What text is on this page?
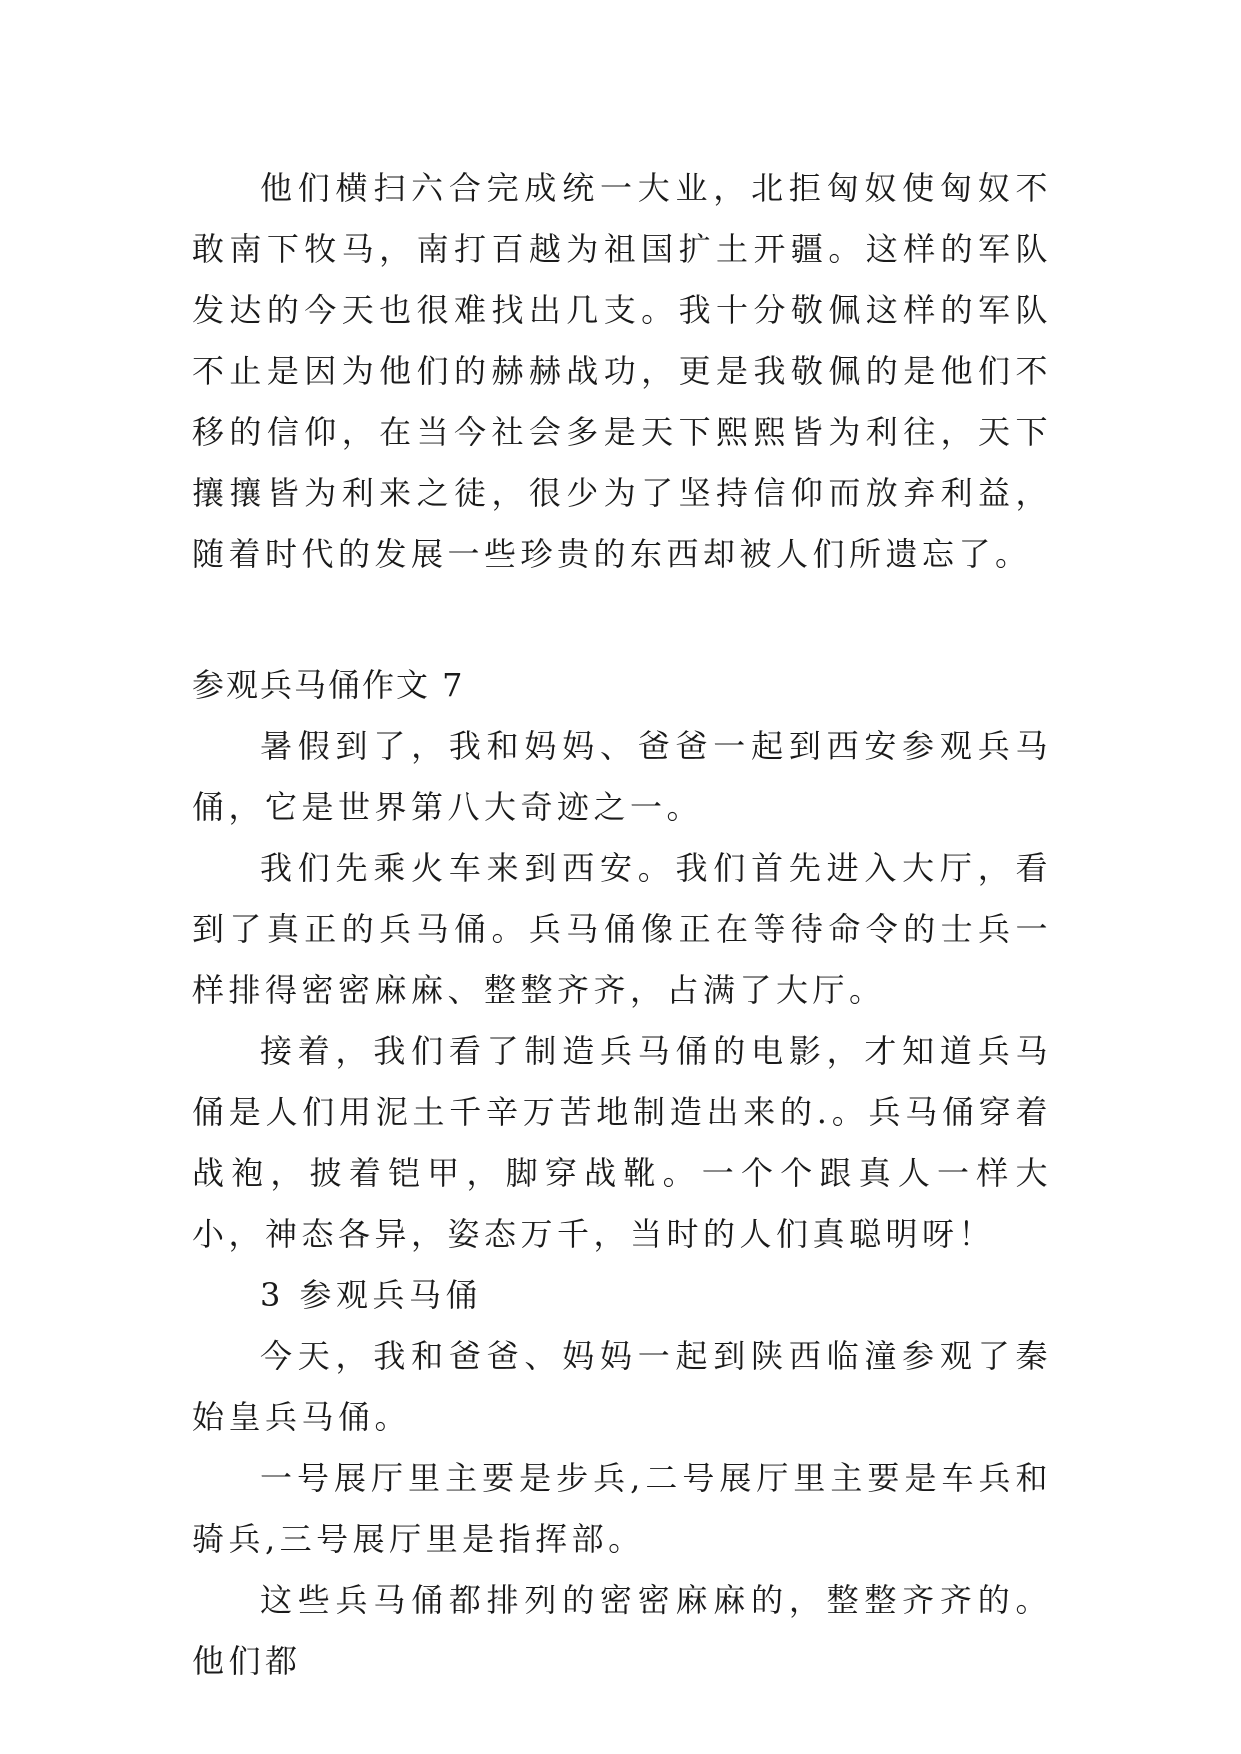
他们横扫六合完成统一大业，北拒匈奴使匈奴不敢南下牧马，南打百越为祖国扩土开疆。这样的军队发达的今天也很难找出几支。我十分敬佩这样的军队不止是因为他们的赫赫战功，更是我敬佩的是他们不移的信仰，在当今社会多是天下熙熙皆为利往，天下攘攘皆为利来之徒，很少为了坚持信仰而放弃利益，随着时代的发展一些珍贵的东西却被人们所遗忘了。

参观兵马俑作文 7

暑假到了，我和妈妈、爸爸一起到西安参观兵马俑，它是世界第八大奇迹之一。

我们先乘火车来到西安。我们首先进入大厅，看到了真正的兵马俑。兵马俑像正在等待命令的士兵一样排得密密麻麻、整整齐齐，占满了大厅。

接着，我们看了制造兵马俑的电影，才知道兵马俑是人们用泥土千辛万苦地制造出来的.。兵马俑穿着战袍，披着铠甲，脚穿战靴。一个个跟真人一样大小，神态各异，姿态万千，当时的人们真聪明呀！

3 参观兵马俑

今天，我和爸爸、妈妈一起到陕西临潼参观了秦始皇兵马俑。

一号展厅里主要是步兵,二号展厅里主要是车兵和骑兵,三号展厅里是指挥部。

这些兵马俑都排列的密密麻麻的，整整齐齐的。他们都
